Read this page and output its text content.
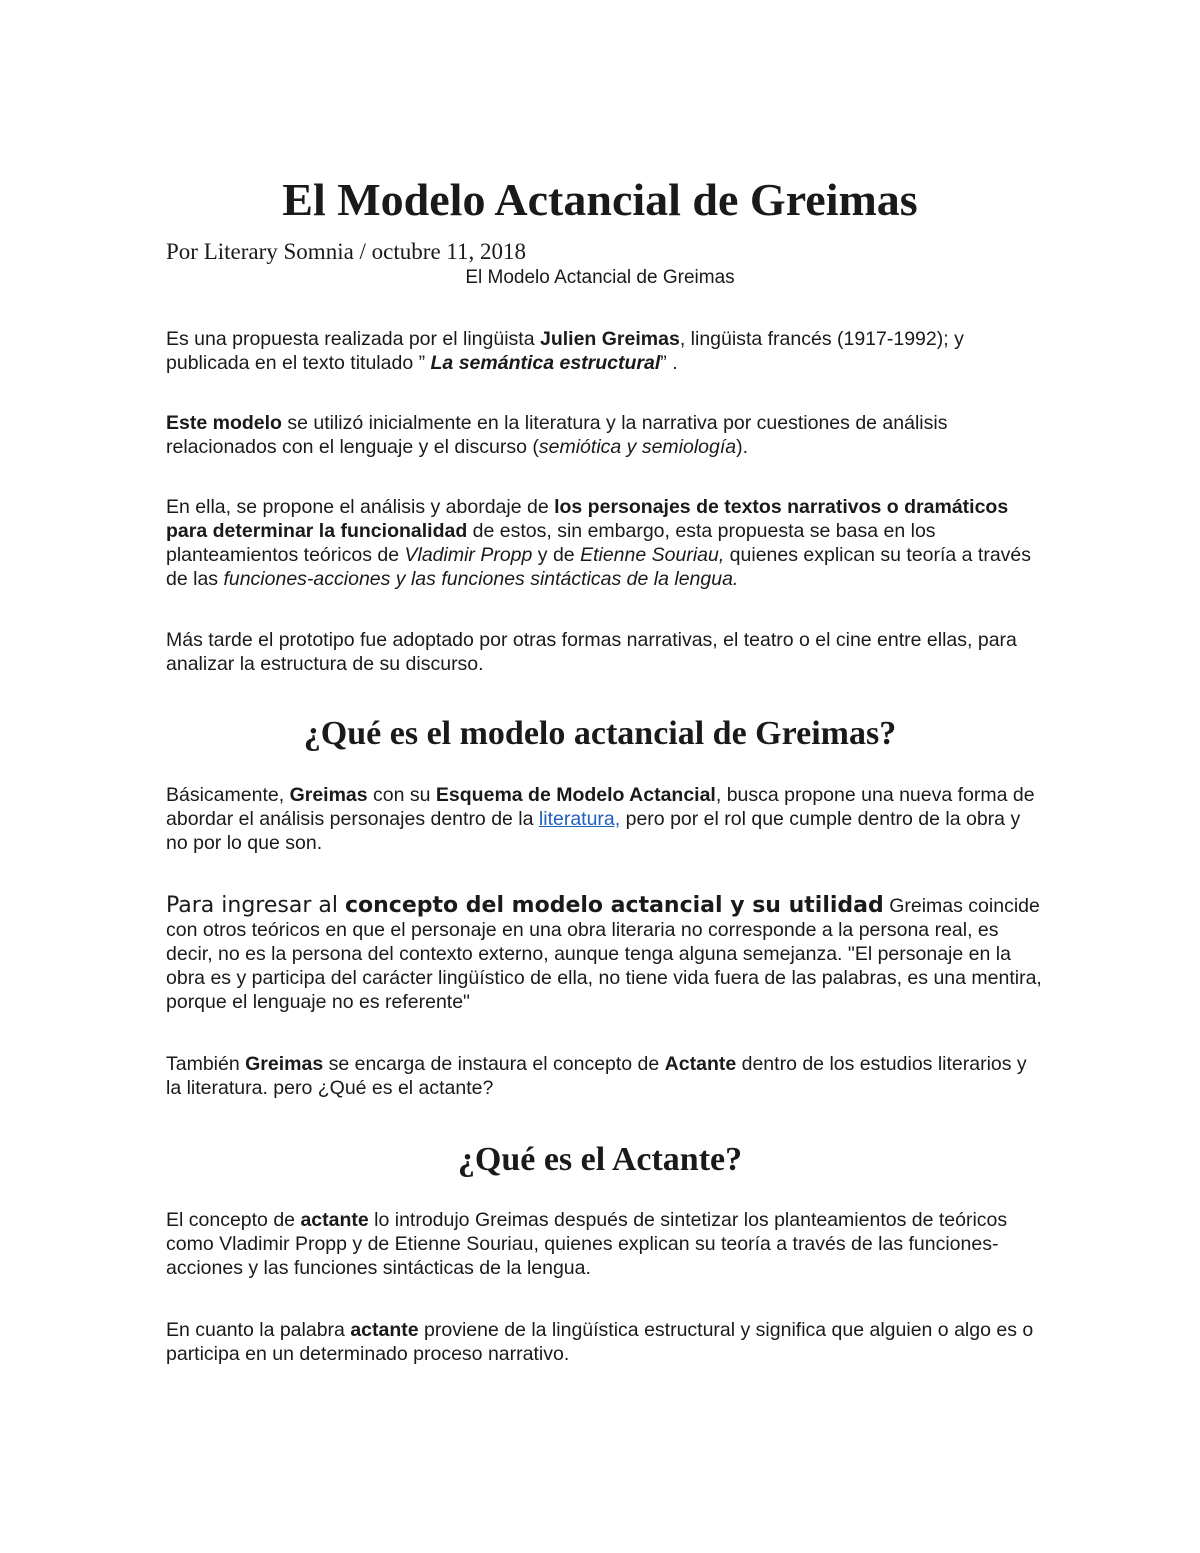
El Modelo Actancial de Greimas
Por Literary Somnia / octubre 11, 2018
El Modelo Actancial de Greimas

Es una propuesta realizada por el lingüista Julien Greimas, lingüista francés (1917-1992); y publicada en el texto titulado ” La semántica estructural” .

Este modelo se utilizó inicialmente en la literatura y la narrativa por cuestiones de análisis relacionados con el lenguaje y el discurso (semiótica y semiología).

En ella, se propone el análisis y abordaje de los personajes de textos narrativos o dramáticos para determinar la funcionalidad de estos, sin embargo, esta propuesta se basa en los planteamientos teóricos de Vladimir Propp y de Etienne Souriau, quienes explican su teoría a través de las funciones-acciones y las funciones sintácticas de la lengua.

Más tarde el prototipo fue adoptado por otras formas narrativas, el teatro o el cine entre ellas, para analizar la estructura de su discurso.

¿Qué es el modelo actancial de Greimas?

Básicamente, Greimas con su Esquema de Modelo Actancial, busca propone una nueva forma de abordar el análisis personajes dentro de la literatura, pero por el rol que cumple dentro de la obra y no por lo que son.

Para ingresar al concepto del modelo actancial y su utilidad Greimas coincide con otros teóricos en que el personaje en una obra literaria no corresponde a la persona real, es decir, no es la persona del contexto externo, aunque tenga alguna semejanza. "El personaje en la obra es y participa del carácter lingüístico de ella, no tiene vida fuera de las palabras, es una mentira, porque el lenguaje no es referente"

También Greimas se encarga de instaura el concepto de Actante dentro de los estudios literarios y la literatura. pero ¿Qué es el actante?

¿Qué es el Actante?

El concepto de actante lo introdujo Greimas después de sintetizar los planteamientos de teóricos como Vladimir Propp y de Etienne Souriau, quienes explican su teoría a través de las funciones-acciones y las funciones sintácticas de la lengua.

En cuanto la palabra actante proviene de la lingüística estructural y significa que alguien o algo es o participa en un determinado proceso narrativo.
